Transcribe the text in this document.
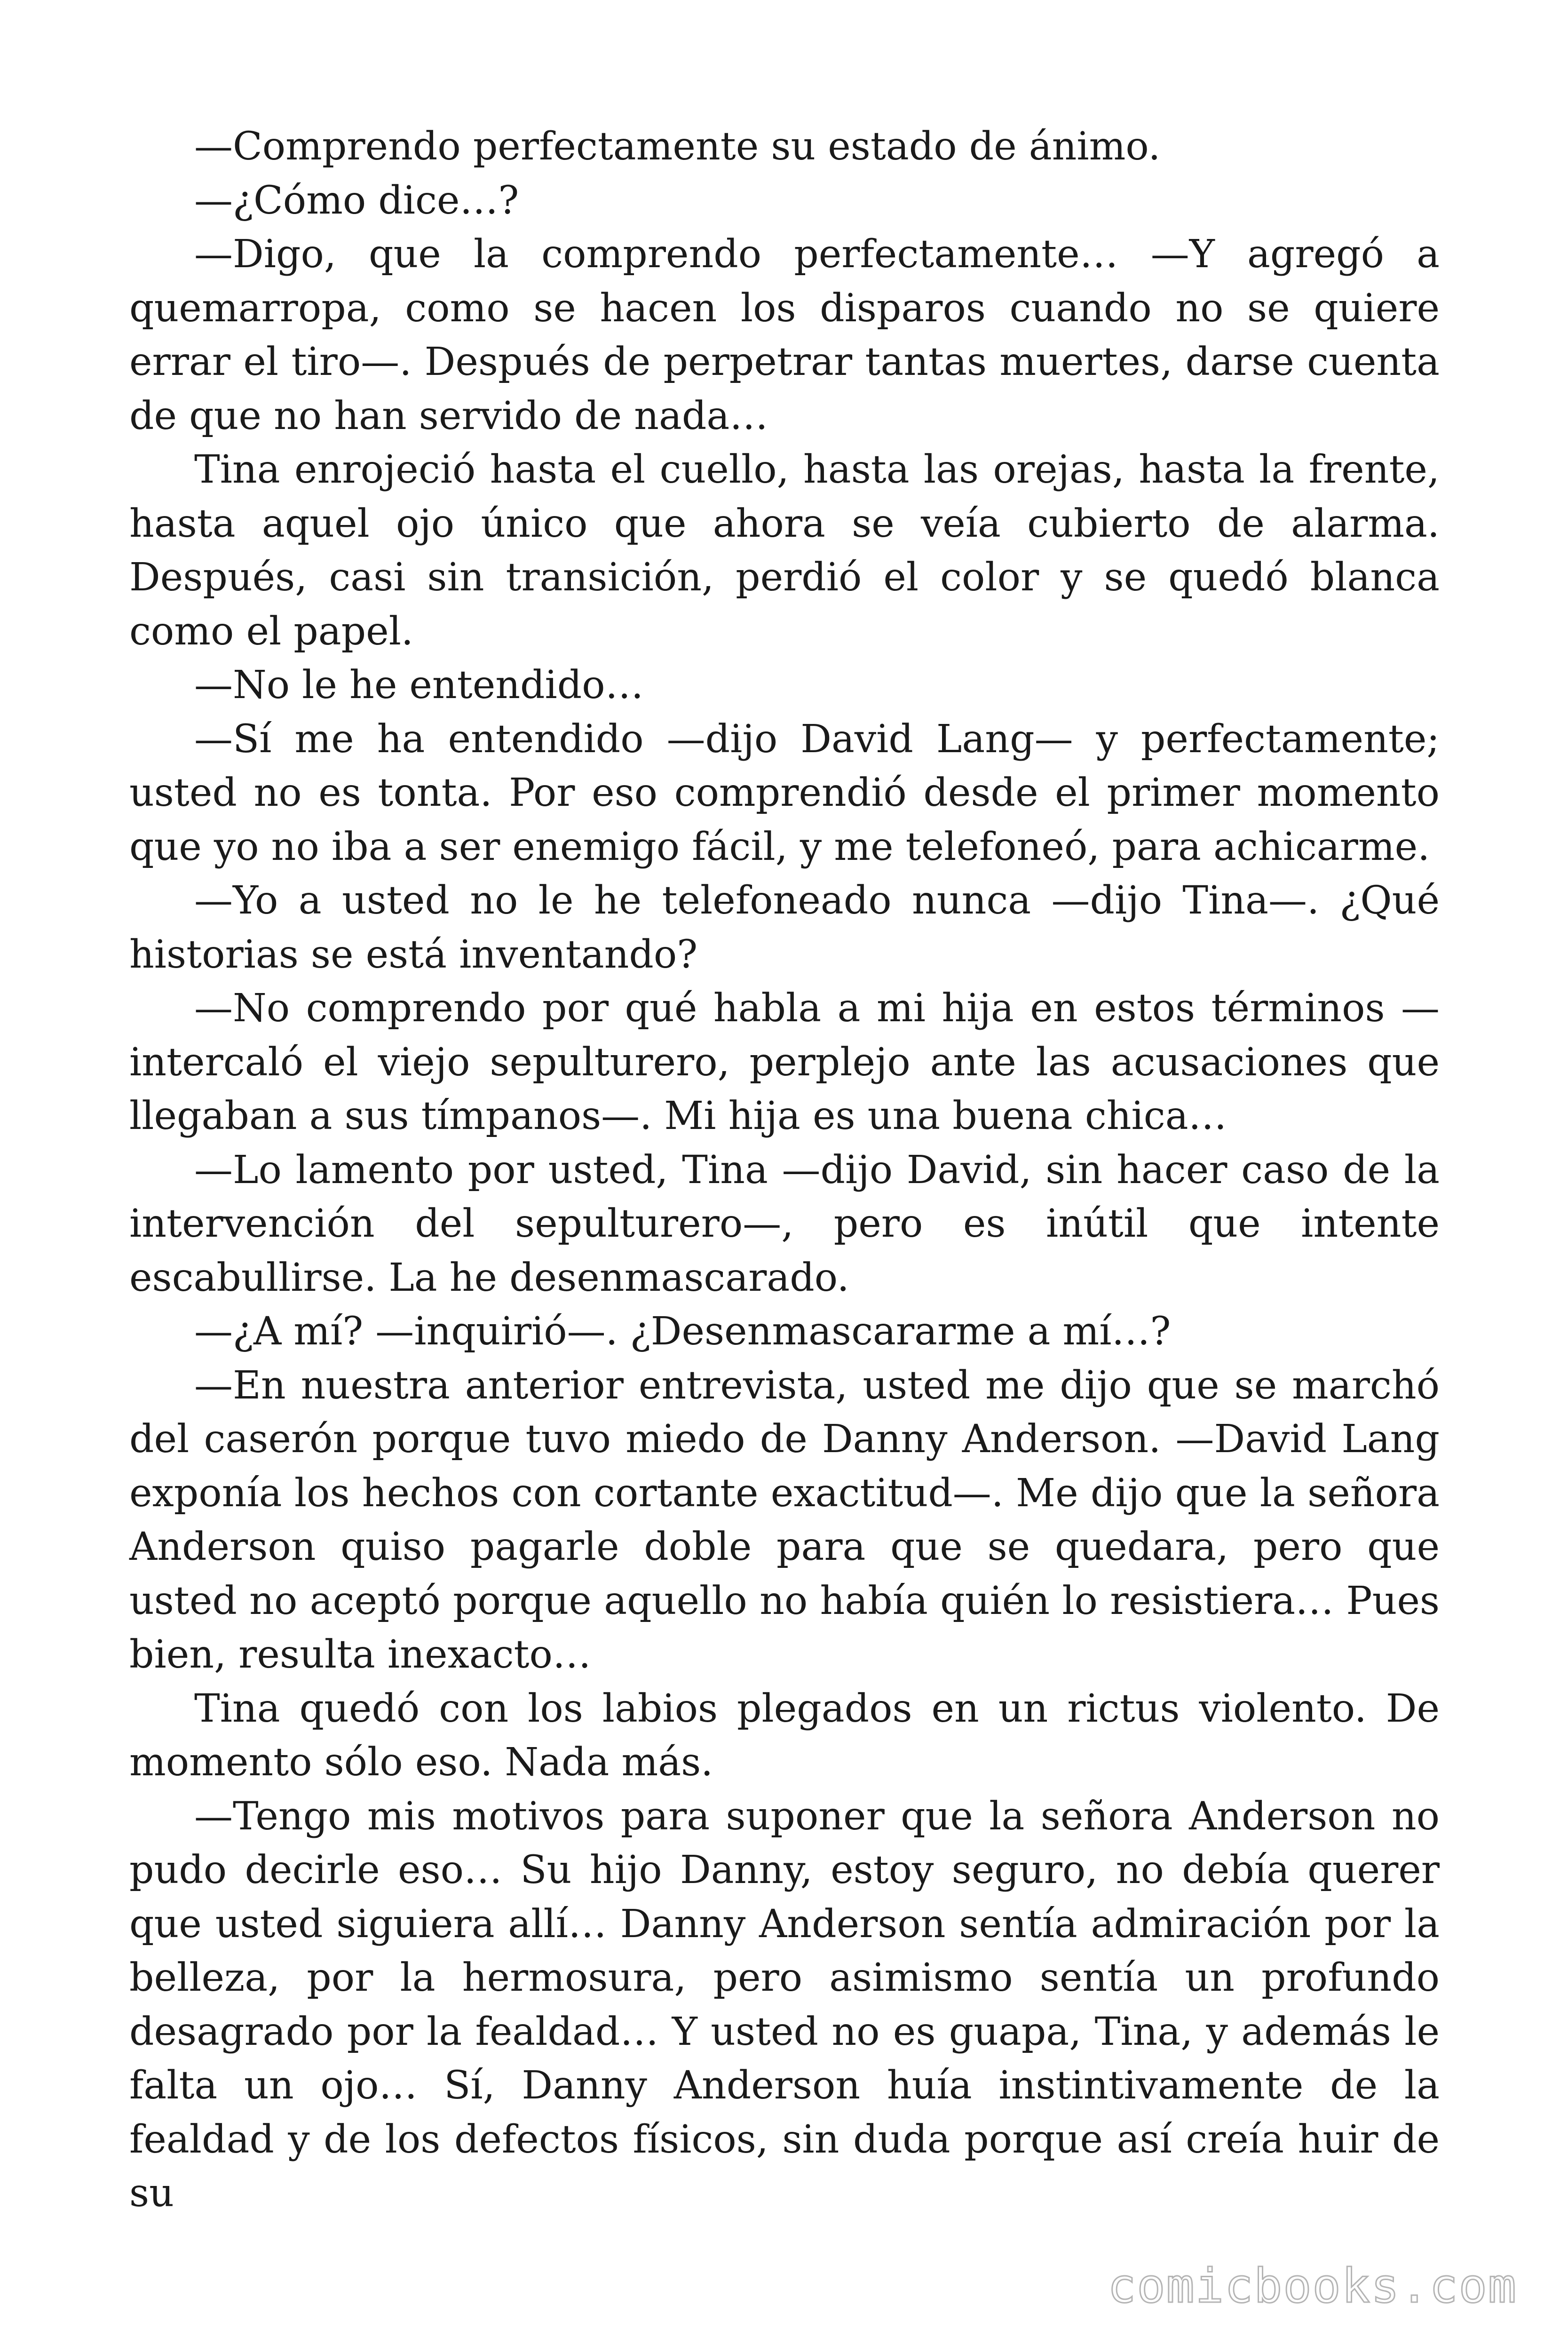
—Comprendo perfectamente su estado de ánimo.

—¿Cómo dice…?

—Digo, que la comprendo perfectamente… —Y agregó a quemarropa, como se hacen los disparos cuando no se quiere errar el tiro—. Después de perpetrar tantas muertes, darse cuenta de que no han servido de nada…

Tina enrojeció hasta el cuello, hasta las orejas, hasta la frente, hasta aquel ojo único que ahora se veía cubierto de alarma. Después, casi sin transición, perdió el color y se quedó blanca como el papel.

—No le he entendido…

—Sí me ha entendido —dijo David Lang— y perfectamente; usted no es tonta. Por eso comprendió desde el primer momento que yo no iba a ser enemigo fácil, y me telefoneó, para achicarme.

—Yo a usted no le he telefoneado nunca —dijo Tina—. ¿Qué historias se está inventando?

—No comprendo por qué habla a mi hija en estos términos —intercaló el viejo sepulturero, perplejo ante las acusaciones que llegaban a sus tímpanos—. Mi hija es una buena chica…

—Lo lamento por usted, Tina —dijo David, sin hacer caso de la intervención del sepulturero—, pero es inútil que intente escabullirse. La he desenmascarado.

—¿A mí? —inquirió—. ¿Desenmascararme a mí…?

—En nuestra anterior entrevista, usted me dijo que se marchó del caserón porque tuvo miedo de Danny Anderson. —David Lang exponía los hechos con cortante exactitud—. Me dijo que la señora Anderson quiso pagarle doble para que se quedara, pero que usted no aceptó porque aquello no había quién lo resistiera… Pues bien, resulta inexacto…

Tina quedó con los labios plegados en un rictus violento. De momento sólo eso. Nada más.

—Tengo mis motivos para suponer que la señora Anderson no pudo decirle eso… Su hijo Danny, estoy seguro, no debía querer que usted siguiera allí… Danny Anderson sentía admiración por la belleza, por la hermosura, pero asimismo sentía un profundo desagrado por la fealdad… Y usted no es guapa, Tina, y además le falta un ojo… Sí, Danny Anderson huía instintivamente de la fealdad y de los defectos físicos, sin duda porque así creía huir de su

comicbooks.com
